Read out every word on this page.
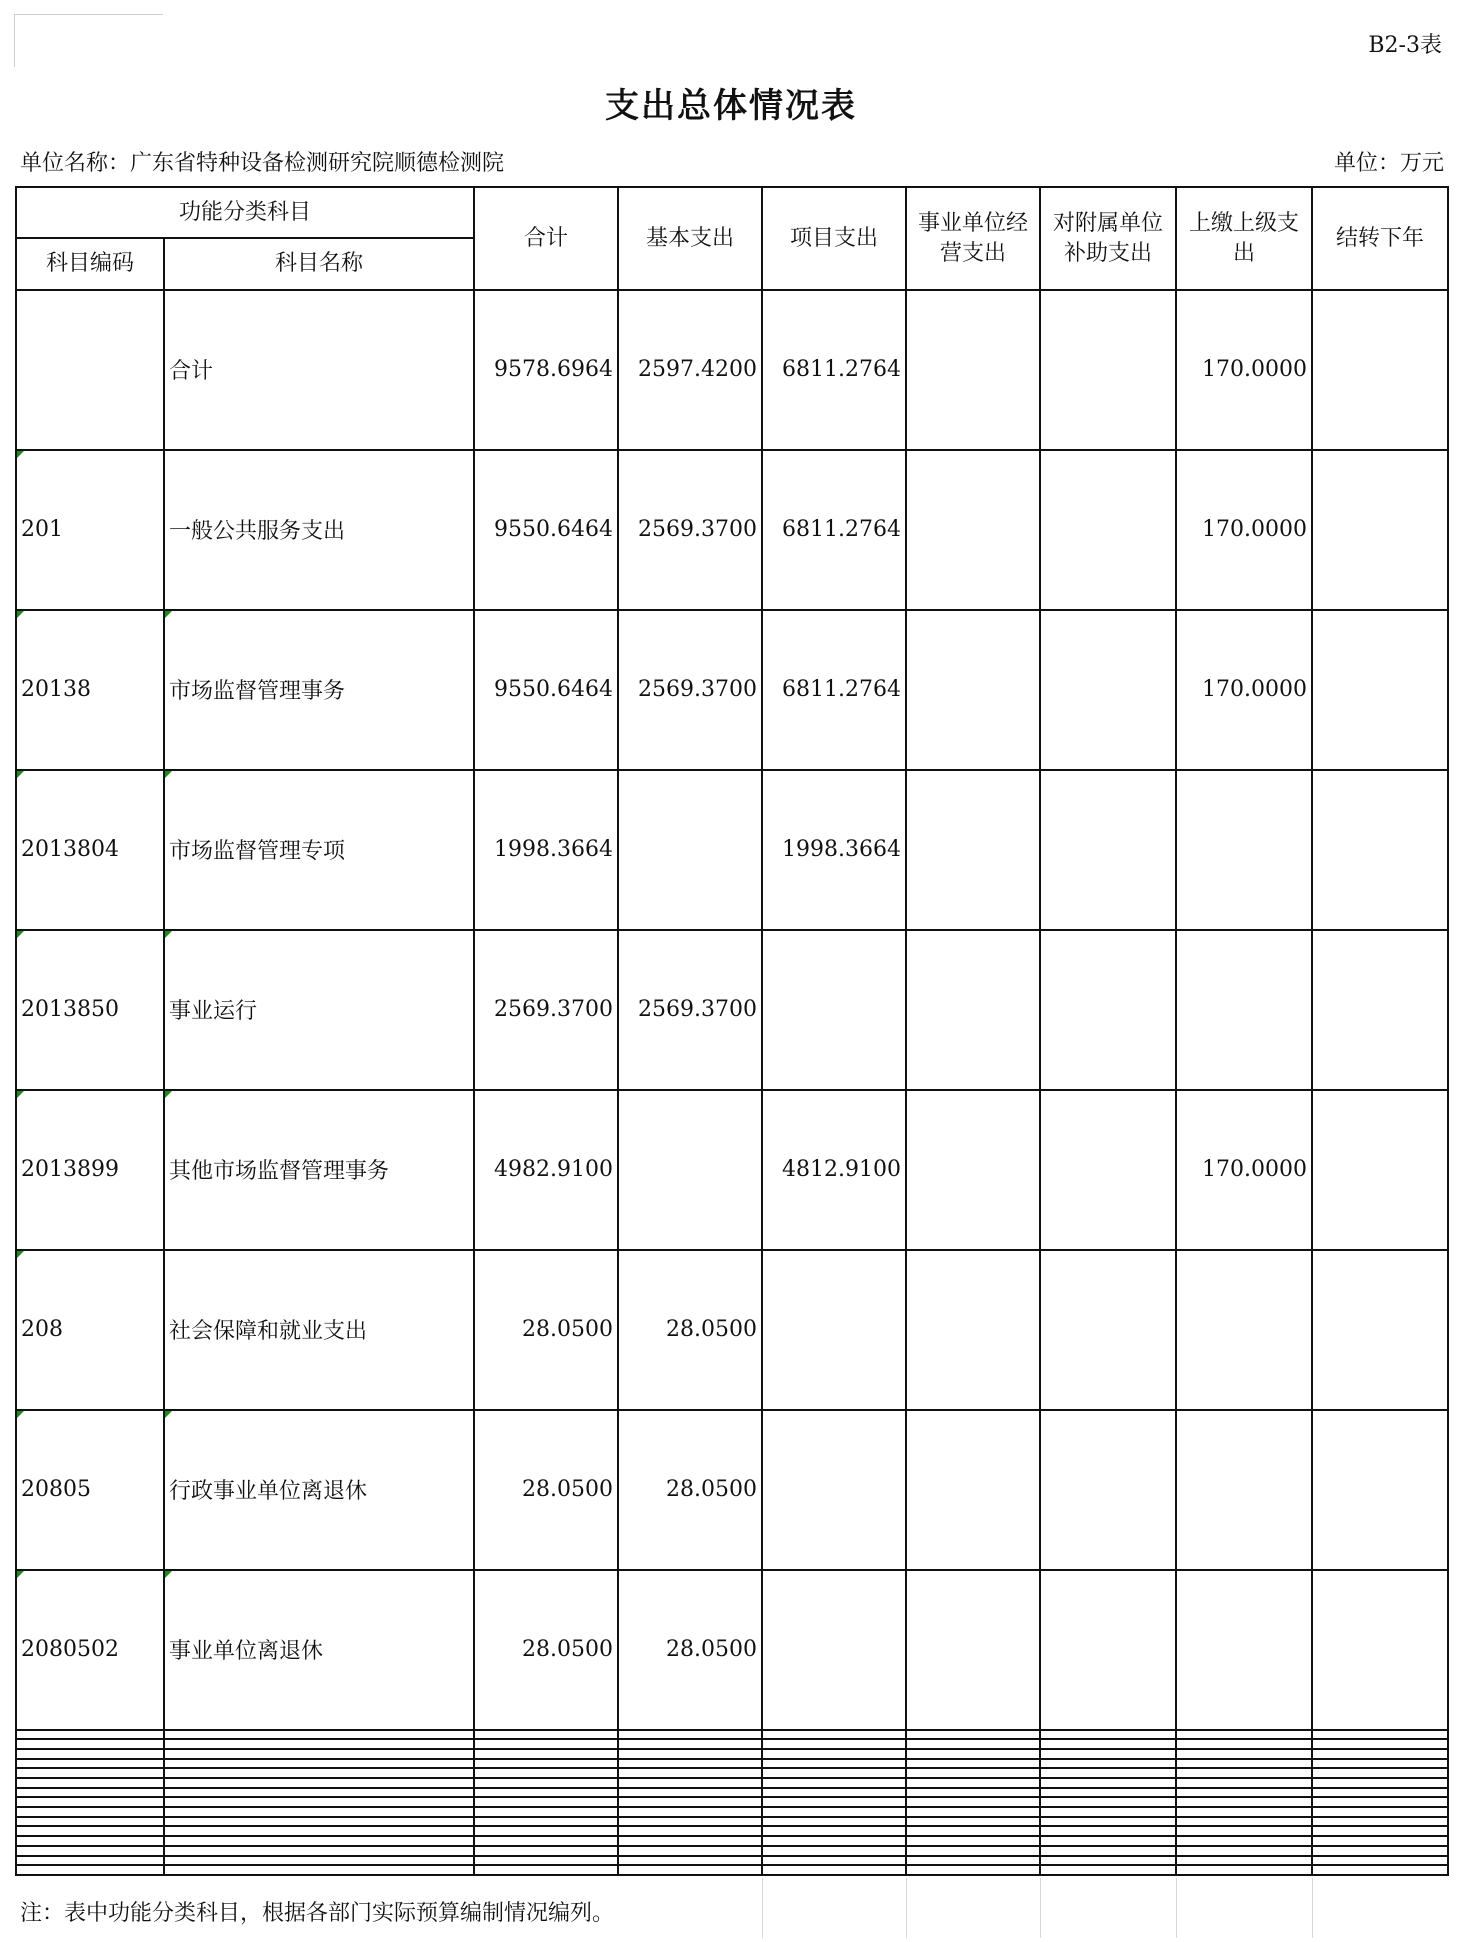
B2-3表
支出总体情况表
单位名称：广东省特种设备检测研究院顺德检测院	单位：万元
功能分类科目		合计	基本支出	项目支出	事业单位经营支出	对附属单位补助支出	上缴上级支出	结转下年
科目编码	科目名称							
	合计	9578.6964	2597.4200	6811.2764			170.0000	
201	一般公共服务支出	9550.6464	2569.3700	6811.2764			170.0000	
20138	市场监督管理事务	9550.6464	2569.3700	6811.2764			170.0000	
2013804	市场监督管理专项	1998.3664		1998.3664				
2013850	事业运行	2569.3700	2569.3700					
2013899	其他市场监督管理事务	4982.9100		4812.9100			170.0000	
208	社会保障和就业支出	28.0500	28.0500					
20805	行政事业单位离退休	28.0500	28.0500					
2080502	事业单位离退休	28.0500	28.0500					

注：表中功能分类科目，根据各部门实际预算编制情况编列。
